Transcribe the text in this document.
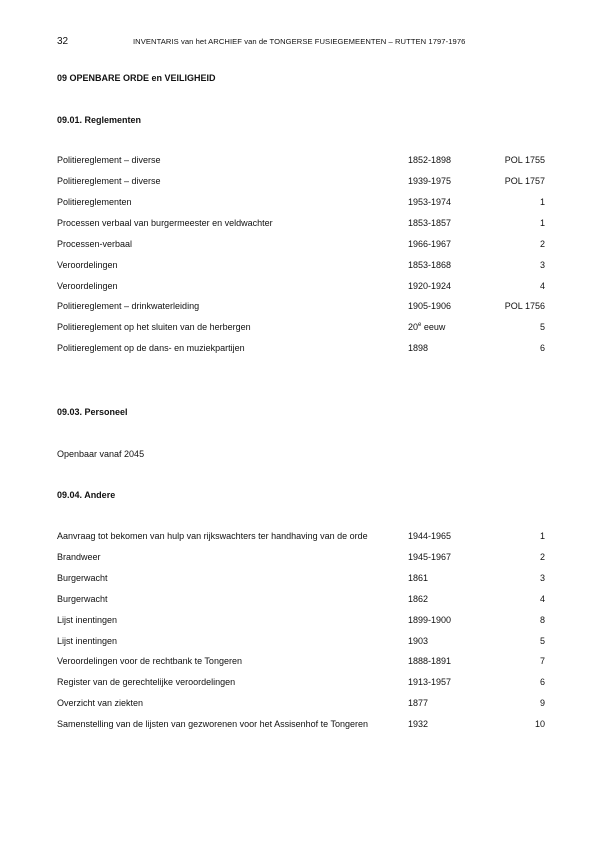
32	INVENTARIS van het ARCHIEF van de TONGERSE FUSIEGEMEENTEN – RUTTEN 1797-1976
09 OPENBARE ORDE en VEILIGHEID
09.01. Reglementen
Politiereglement – diverse	1852-1898	POL 1755
Politiereglement – diverse	1939-1975	POL 1757
Politiereglementen	1953-1974	1
Processen verbaal van burgermeester en veldwachter	1853-1857	1
Processen-verbaal	1966-1967	2
Veroordelingen	1853-1868	3
Veroordelingen	1920-1924	4
Politiereglement – drinkwaterleiding	1905-1906	POL 1756
Politiereglement op het sluiten van de herbergen	20e eeuw	5
Politiereglement op de dans- en muziekpartijen	1898	6
09.03. Personeel
Openbaar vanaf 2045
09.04. Andere
Aanvraag tot bekomen van hulp van rijkswachters ter handhaving van de orde	1944-1965	1
Brandweer	1945-1967	2
Burgerwacht	1861	3
Burgerwacht	1862	4
Lijst inentingen	1899-1900	8
Lijst inentingen	1903	5
Veroordelingen voor de rechtbank te Tongeren	1888-1891	7
Register van de gerechtelijke veroordelingen	1913-1957	6
Overzicht van ziekten	1877	9
Samenstelling van de lijsten van gezworenen voor het Assisenhof te Tongeren	1932	10
